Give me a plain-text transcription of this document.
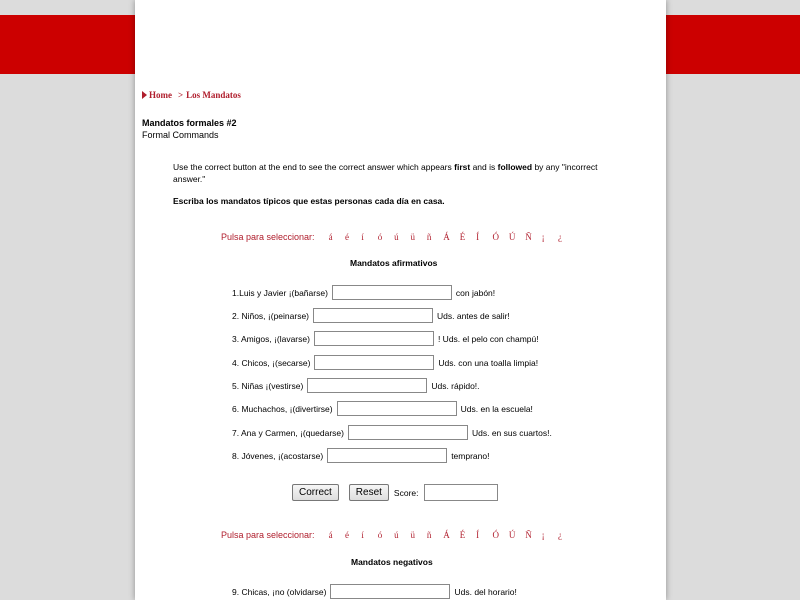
Home > Los Mandatos
Mandatos formales #2
Formal Commands
Use the correct button at the end to see the correct answer which appears first and is followed by any "incorrect answer."
Escriba los mandatos típicos que estas personas cada día en casa.
Pulsa para seleccionar: á é í ó ú ü ñ Á É Í Ó Ú Ñ ¡ ¿
Mandatos afirmativos
1.Luis y Javier ¡(bañarse)	con jabón!
2. Niños, ¡(peinarse)	Uds. antes de salir!
3. Amigos, ¡(lavarse)	! Uds. el pelo con champú!
4. Chicos, ¡(secarse)	Uds. con una toalla limpia!
5. Niñas ¡(vestirse)	Uds. rápido!.
6. Muchachos, ¡(divertirse)	Uds. en la escuela!
7. Ana y Carmen, ¡(quedarse)	Uds. en sus cuartos!.
8. Jóvenes, ¡(acostarse)	temprano!
Correct	Reset	Score:
Pulsa para seleccionar: á é í ó ú ü ñ Á É Í Ó Ú Ñ ¡ ¿
Mandatos negativos
9. Chicas, ¡no (olvidarse)	Uds. del horario!
